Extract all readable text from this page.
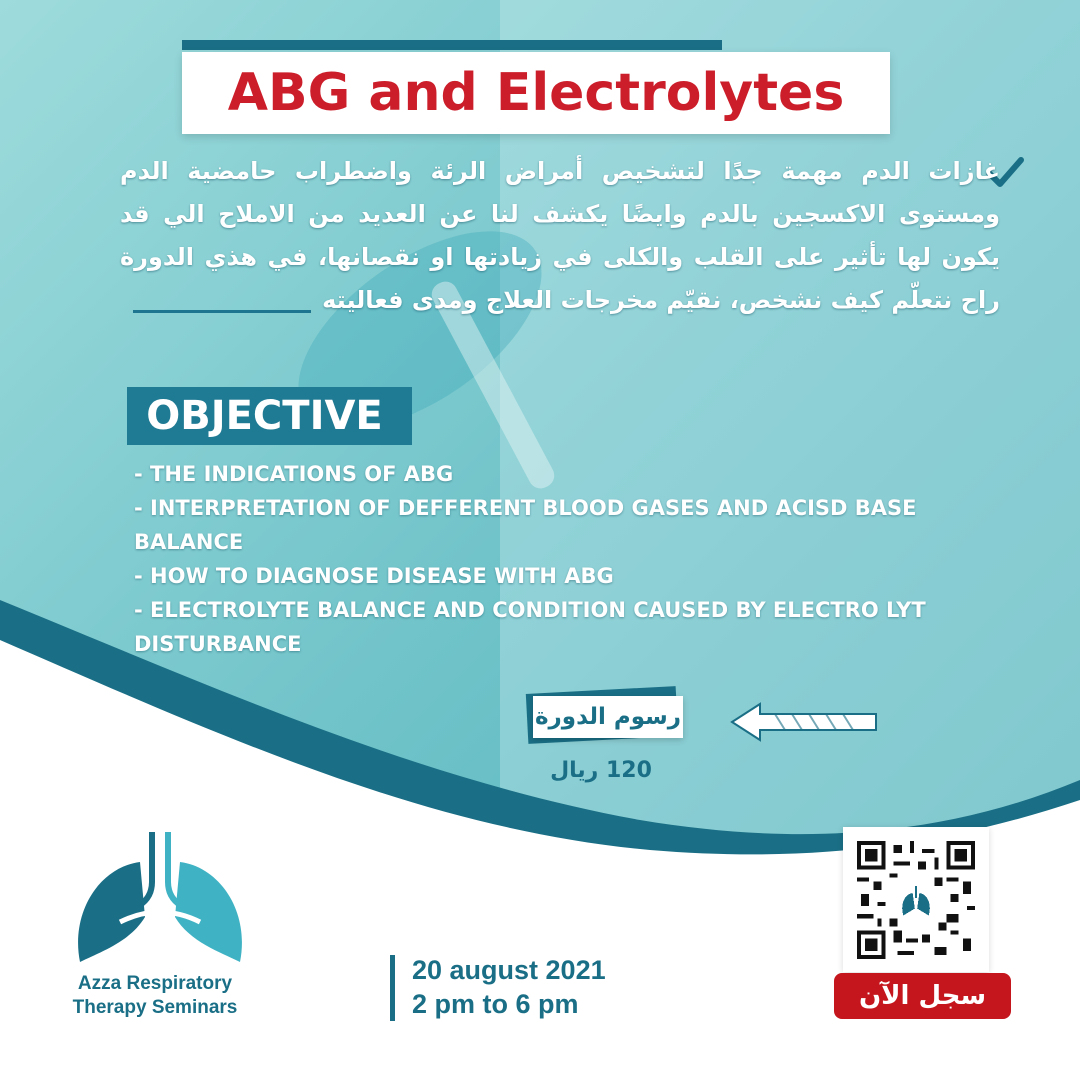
ABG and Electrolytes
غازات الدم مهمة جدًا لتشخيص أمراض الرئة واضطراب حامضية الدم ومستوى الاكسجين بالدم وايضًا يكشف لنا عن العديد من الاملاح الي قد يكون لها تأثير على القلب والكلى في زيادتها او نقصانها، في هذي الدورة راح نتعلّم كيف نشخص، نقيّم مخرجات العلاج ومدى فعاليته
OBJECTIVE
- THE INDICATIONS OF ABG
- INTERPRETATION OF DEFFERENT BLOOD GASES AND ACISD BASE BALANCE
- HOW TO DIAGNOSE DISEASE WITH ABG
- ELECTROLYTE BALANCE AND CONDITION CAUSED BY ELECTRO LYT DISTURBANCE
رسوم الدورة
120 ريال
Azza Respiratory
Therapy Seminars
20 august 2021
2 pm to 6 pm	سجل الآن
